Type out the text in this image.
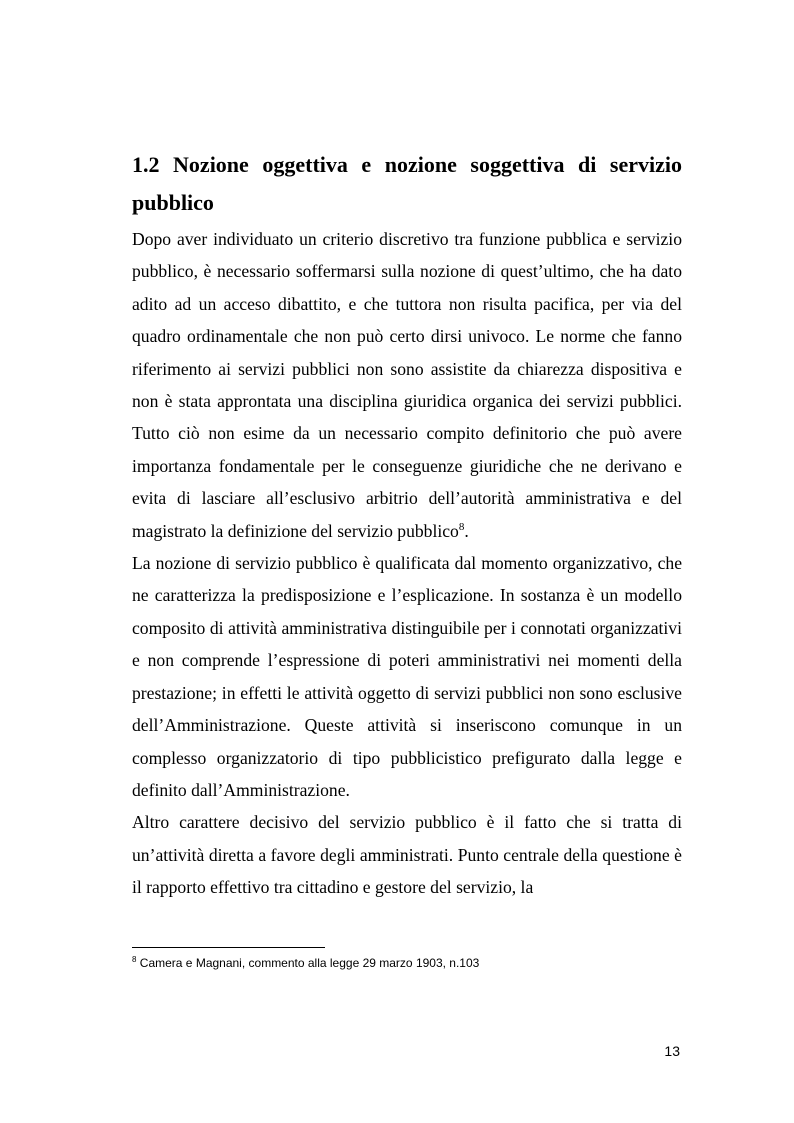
1.2 Nozione oggettiva e nozione soggettiva di servizio pubblico

Dopo aver individuato un criterio discretivo tra funzione pubblica e servizio pubblico, è necessario soffermarsi sulla nozione di quest’ultimo, che ha dato adito ad un acceso dibattito, e che tuttora non risulta pacifica, per via del quadro ordinamentale che non può certo dirsi univoco. Le norme che fanno riferimento ai servizi pubblici non sono assistite da chiarezza dispositiva e non è stata approntata una disciplina giuridica organica dei servizi pubblici. Tutto ciò non esime da un necessario compito definitorio che può avere importanza fondamentale per le conseguenze giuridiche che ne derivano e evita di lasciare all’esclusivo arbitrio dell’autorità amministrativa e del magistrato la definizione del servizio pubblico$^8$.

La nozione di servizio pubblico è qualificata dal momento organizzativo, che ne caratterizza la predisposizione e l’esplicazione. In sostanza è un modello composito di attività amministrativa distinguibile per i connotati organizzativi e non comprende l’espressione di poteri amministrativi nei momenti della prestazione; in effetti le attività oggetto di servizi pubblici non sono esclusive dell’Amministrazione. Queste attività si inseriscono comunque in un complesso organizzatorio di tipo pubblicistico prefigurato dalla legge e definito dall’Amministrazione.

Altro carattere decisivo del servizio pubblico è il fatto che si tratta di un’attività diretta a favore degli amministrati. Punto centrale della questione è il rapporto effettivo tra cittadino e gestore del servizio, la

$^8$ Camera e Magnani, commento alla legge 29 marzo 1903, n.103
13
